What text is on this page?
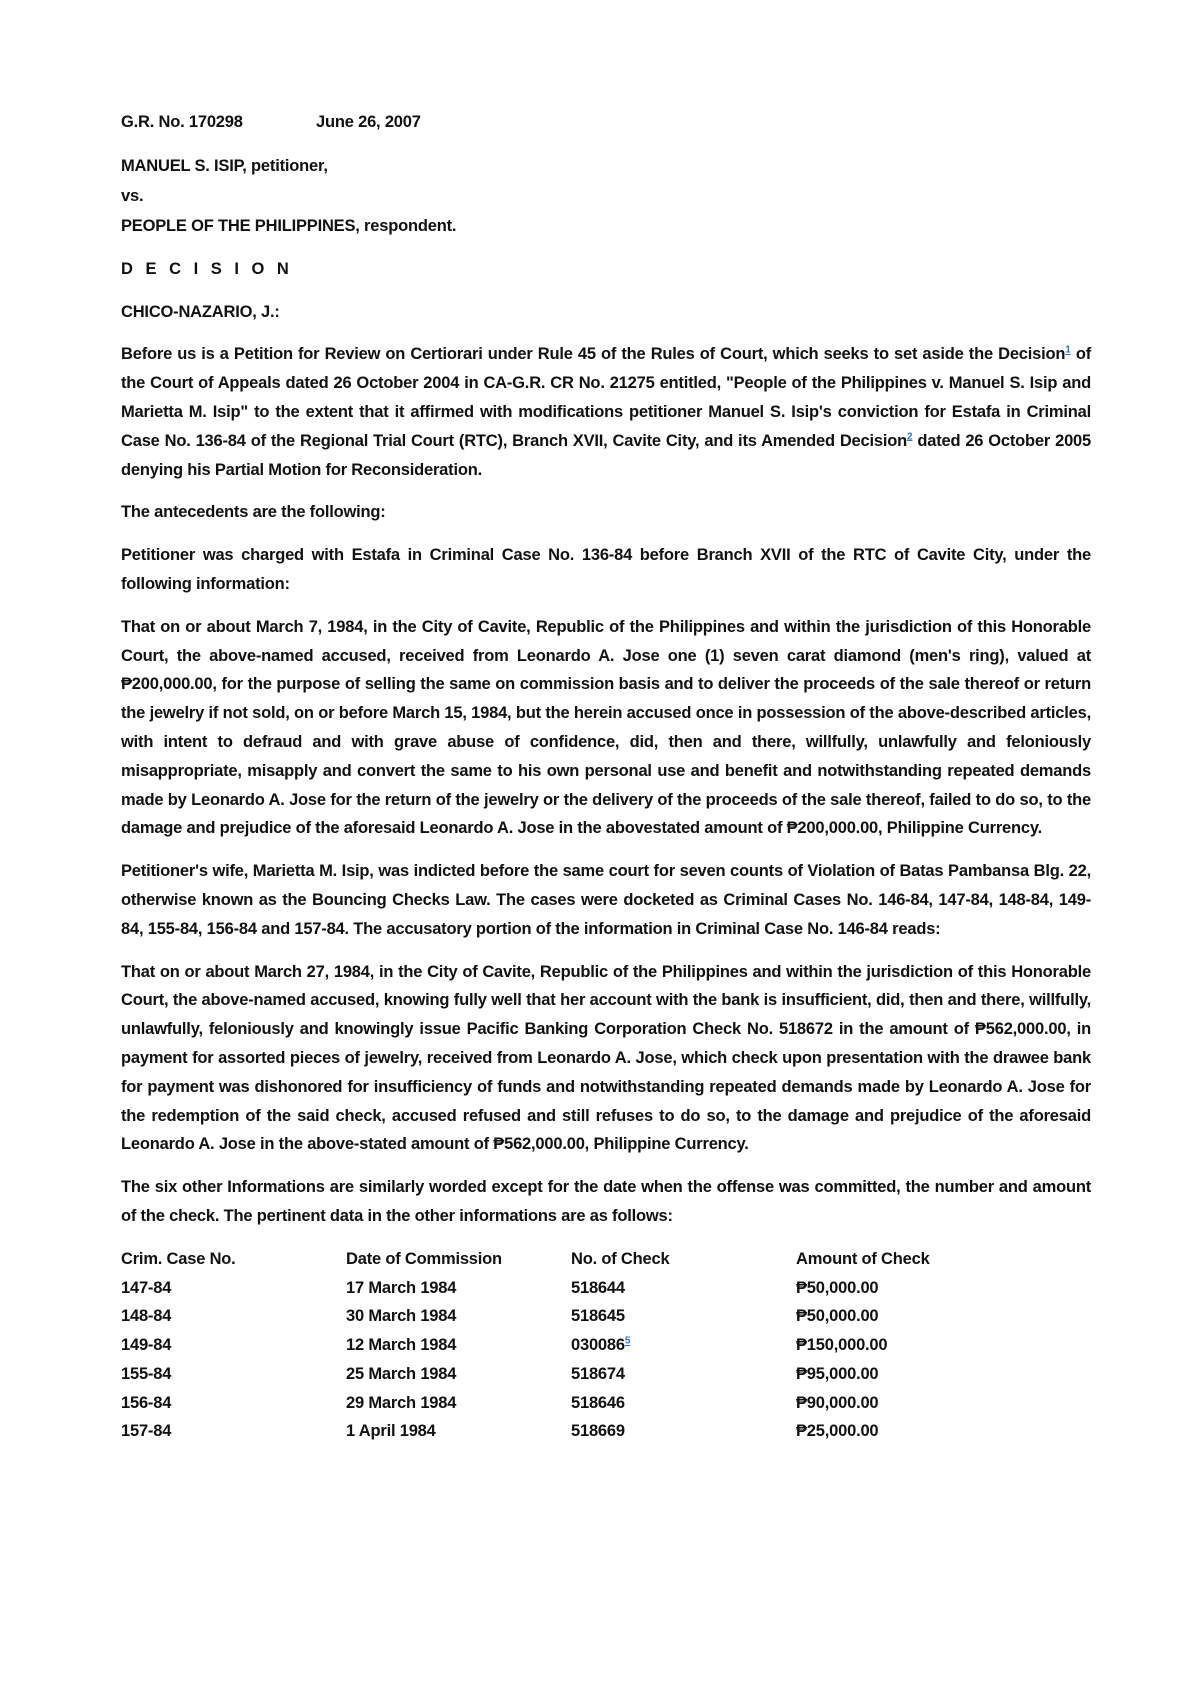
G.R. No. 170298	June 26, 2007
MANUEL S. ISIP, petitioner,
vs.
PEOPLE OF THE PHILIPPINES, respondent.
D E C I S I O N

CHICO-NAZARIO, J.:

Before us is a Petition for Review on Certiorari under Rule 45 of the Rules of Court, which seeks to set aside the Decision$^1$ of the Court of Appeals dated 26 October 2004 in CA-G.R. CR No. 21275 entitled, "People of the Philippines v. Manuel S. Isip and Marietta M. Isip" to the extent that it affirmed with modifications petitioner Manuel S. Isip's conviction for Estafa in Criminal Case No. 136-84 of the Regional Trial Court (RTC), Branch XVII, Cavite City, and its Amended Decision$^2$ dated 26 October 2005 denying his Partial Motion for Reconsideration.

The antecedents are the following:

Petitioner was charged with Estafa in Criminal Case No. 136-84 before Branch XVII of the RTC of Cavite City, under the following information:

That on or about March 7, 1984, in the City of Cavite, Republic of the Philippines and within the jurisdiction of this Honorable Court, the above-named accused, received from Leonardo A. Jose one (1) seven carat diamond (men's ring), valued at ₱200,000.00, for the purpose of selling the same on commission basis and to deliver the proceeds of the sale thereof or return the jewelry if not sold, on or before March 15, 1984, but the herein accused once in possession of the above-described articles, with intent to defraud and with grave abuse of confidence, did, then and there, willfully, unlawfully and feloniously misappropriate, misapply and convert the same to his own personal use and benefit and notwithstanding repeated demands made by Leonardo A. Jose for the return of the jewelry or the delivery of the proceeds of the sale thereof, failed to do so, to the damage and prejudice of the aforesaid Leonardo A. Jose in the abovestated amount of ₱200,000.00, Philippine Currency.

Petitioner's wife, Marietta M. Isip, was indicted before the same court for seven counts of Violation of Batas Pambansa Blg. 22, otherwise known as the Bouncing Checks Law. The cases were docketed as Criminal Cases No. 146-84, 147-84, 148-84, 149-84, 155-84, 156-84 and 157-84. The accusatory portion of the information in Criminal Case No. 146-84 reads:

That on or about March 27, 1984, in the City of Cavite, Republic of the Philippines and within the jurisdiction of this Honorable Court, the above-named accused, knowing fully well that her account with the bank is insufficient, did, then and there, willfully, unlawfully, feloniously and knowingly issue Pacific Banking Corporation Check No. 518672 in the amount of ₱562,000.00, in payment for assorted pieces of jewelry, received from Leonardo A. Jose, which check upon presentation with the drawee bank for payment was dishonored for insufficiency of funds and notwithstanding repeated demands made by Leonardo A. Jose for the redemption of the said check, accused refused and still refuses to do so, to the damage and prejudice of the aforesaid Leonardo A. Jose in the above-stated amount of ₱562,000.00, Philippine Currency.

The six other Informations are similarly worded except for the date when the offense was committed, the number and amount of the check. The pertinent data in the other informations are as follows:

Crim. Case No.	Date of Commission	No. of Check	Amount of Check
147-84	17 March 1984	518644	₱50,000.00
148-84	30 March 1984	518645	₱50,000.00
149-84	12 March 1984	030086$^5$	₱150,000.00
155-84	25 March 1984	518674	₱95,000.00
156-84	29 March 1984	518646	₱90,000.00
157-84	1 April 1984	518669	₱25,000.00
